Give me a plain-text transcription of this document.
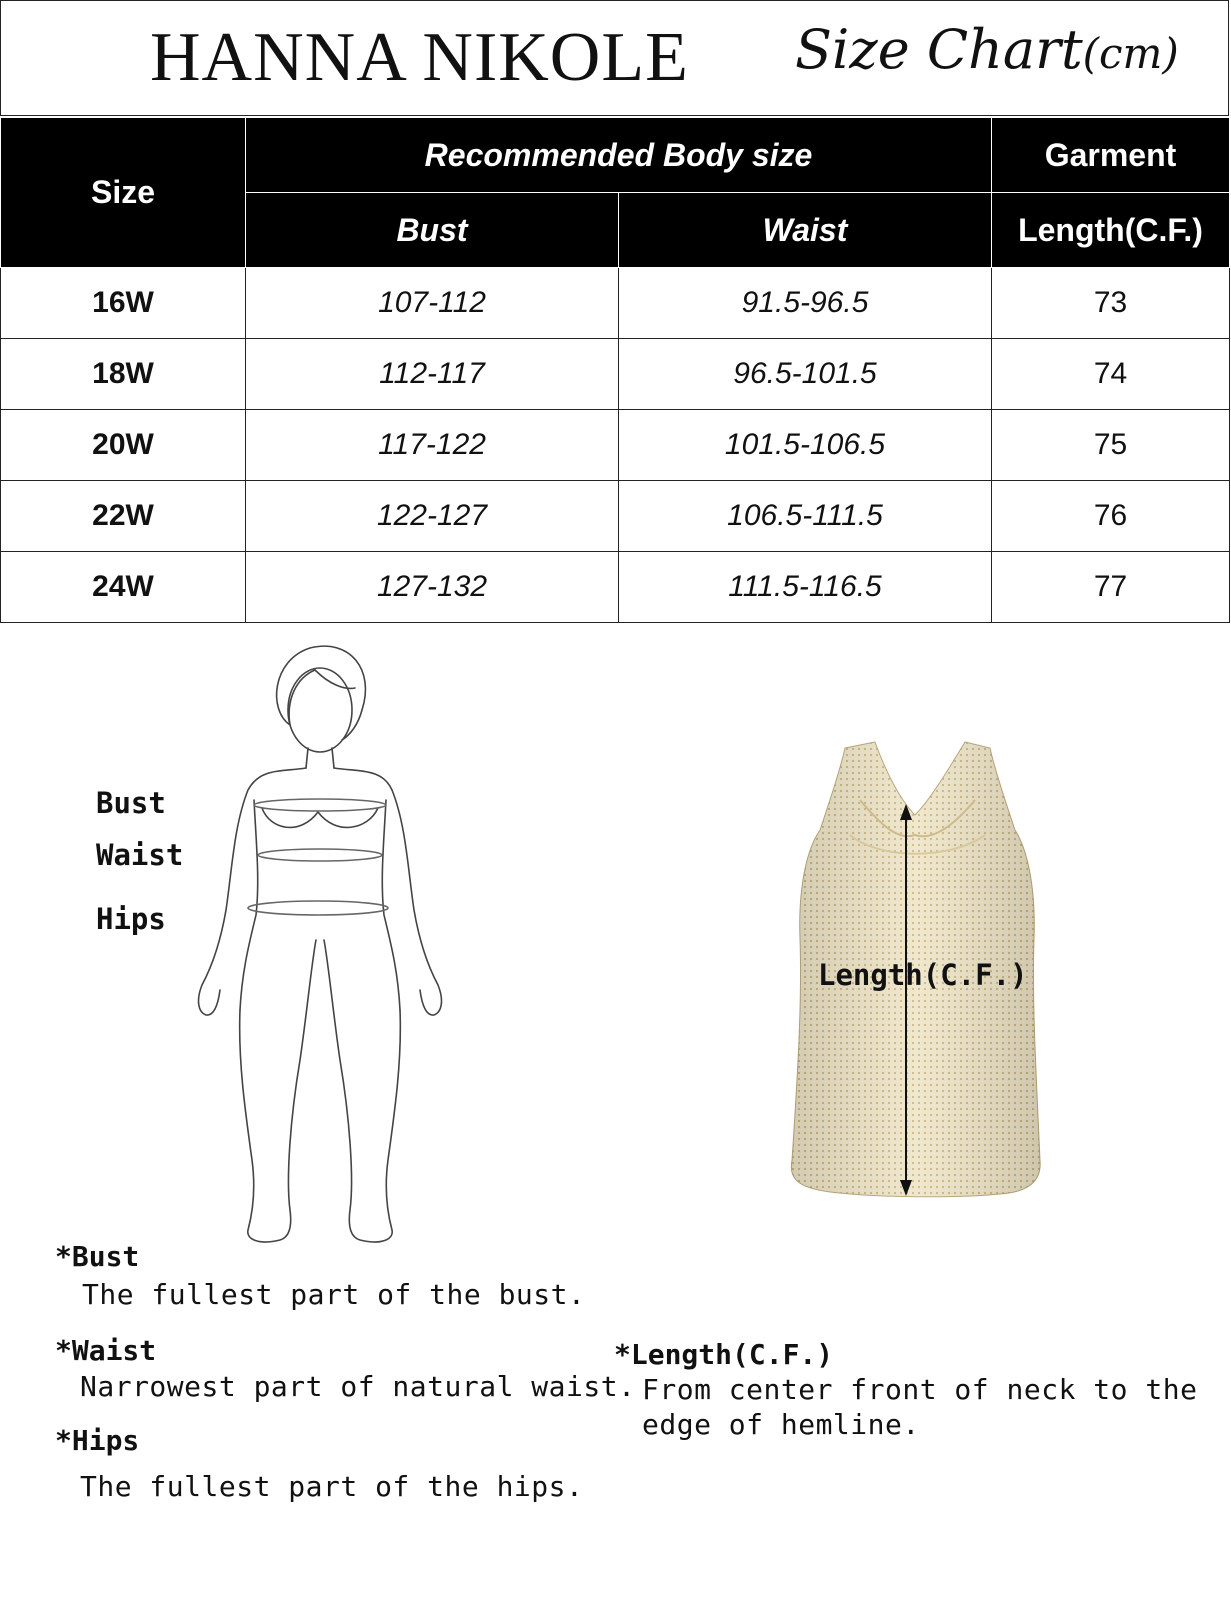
HANNA NIKOLE Size Chart(cm)
Size	Recommended Body size		Garment
	Bust	Waist	Length(C.F.)
16W	107-112	91.5-96.5	73
18W	112-117	96.5-101.5	74
20W	117-122	101.5-106.5	75
22W	122-127	106.5-111.5	76
24W	127-132	111.5-116.5	77
Bust
Waist
Hips
Length(C.F.)
*Bust
The fullest part of the bust.
*Waist
Narrowest part of natural waist.
*Hips
The fullest part of the hips.
*Length(C.F.)
From center front of neck to the
edge of hemline.
